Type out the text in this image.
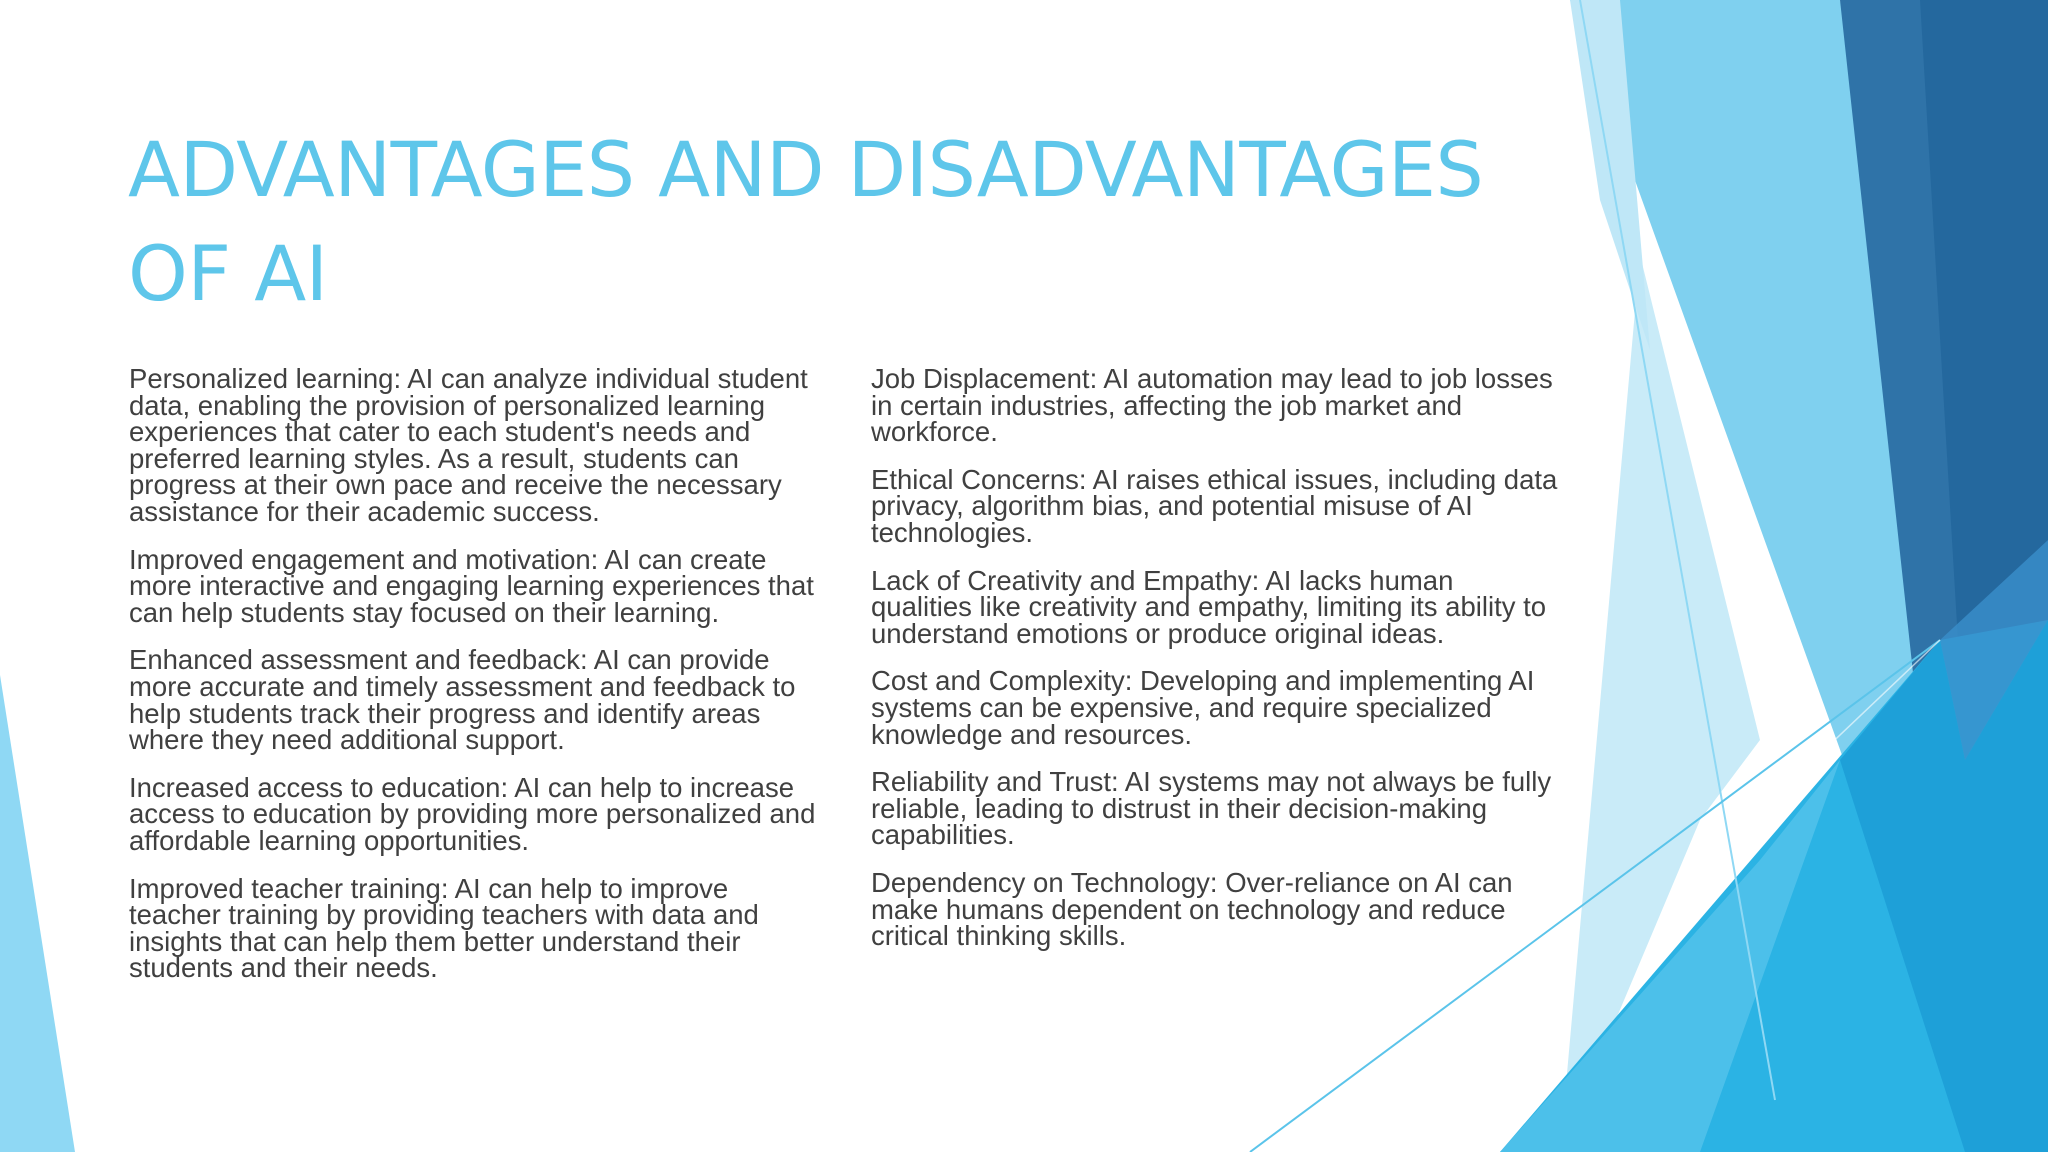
ADVANTAGES AND DISADVANTAGES
OF AI

Personalized learning: AI can analyze individual student data, enabling the provision of personalized learning experiences that cater to each student's needs and preferred learning styles. As a result, students can progress at their own pace and receive the necessary assistance for their academic success.

Improved engagement and motivation: AI can create more interactive and engaging learning experiences that can help students stay focused on their learning.

Enhanced assessment and feedback: AI can provide more accurate and timely assessment and feedback to help students track their progress and identify areas where they need additional support.

Increased access to education: AI can help to increase access to education by providing more personalized and affordable learning opportunities.

Improved teacher training: AI can help to improve teacher training by providing teachers with data and insights that can help them better understand their students and their needs.

Job Displacement: AI automation may lead to job losses in certain industries, affecting the job market and workforce.

Ethical Concerns: AI raises ethical issues, including data privacy, algorithm bias, and potential misuse of AI technologies.

Lack of Creativity and Empathy: AI lacks human qualities like creativity and empathy, limiting its ability to understand emotions or produce original ideas.

Cost and Complexity: Developing and implementing AI systems can be expensive, and require specialized knowledge and resources.

Reliability and Trust: AI systems may not always be fully reliable, leading to distrust in their decision-making capabilities.

Dependency on Technology: Over-reliance on AI can make humans dependent on technology and reduce critical thinking skills.
